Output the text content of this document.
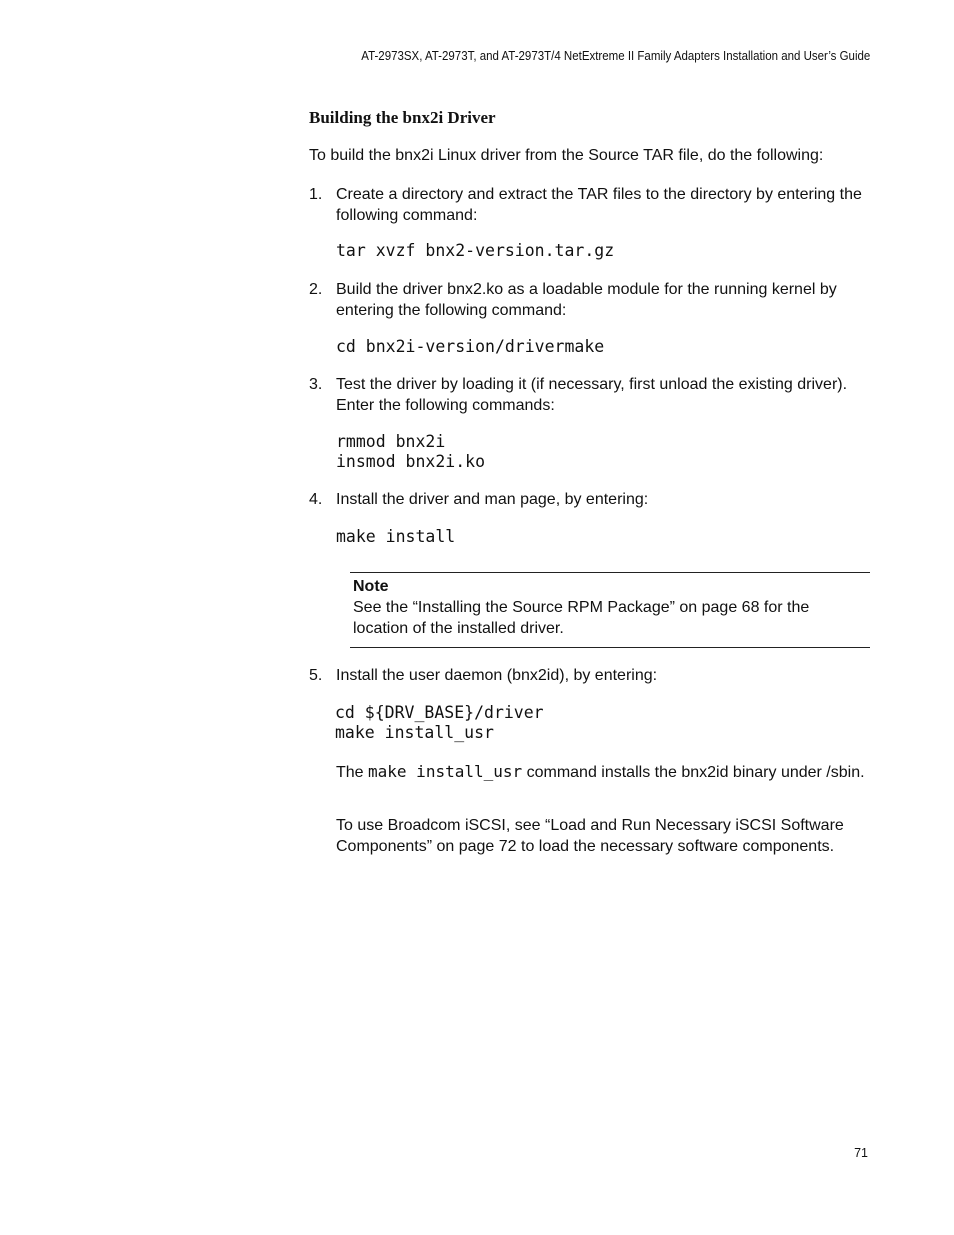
AT-2973SX, AT-2973T, and AT-2973T/4 NetExtreme II Family Adapters Installation and User’s Guide
Building the bnx2i Driver
To build the bnx2i Linux driver from the Source TAR file, do the following:
1. Create a directory and extract the TAR files to the directory by entering the following command:
tar xvzf bnx2-version.tar.gz
2. Build the driver bnx2.ko as a loadable module for the running kernel by entering the following command:
cd bnx2i-version/drivermake
3. Test the driver by loading it (if necessary, first unload the existing driver). Enter the following commands:
rmmod bnx2i
insmod bnx2i.ko
4. Install the driver and man page, by entering:
make install
Note
See the “Installing the Source RPM Package” on page 68 for the location of the installed driver.
5. Install the user daemon (bnx2id), by entering:
cd ${DRV_BASE}/driver
make install_usr
The make install_usr command installs the bnx2id binary under /sbin.
To use Broadcom iSCSI, see “Load and Run Necessary iSCSI Software Components” on page 72 to load the necessary software components.
71
